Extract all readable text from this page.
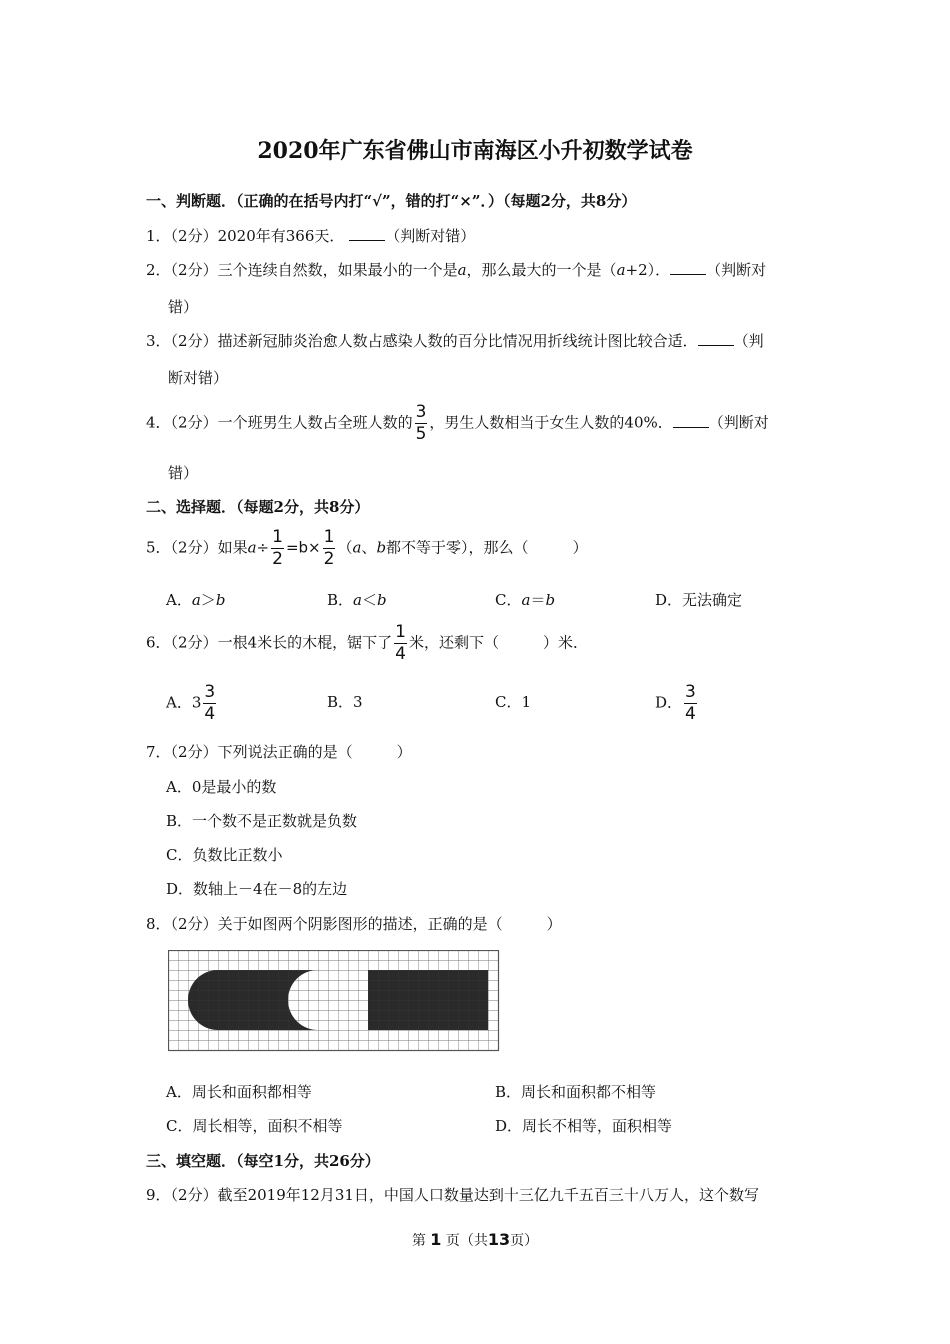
2020年广东省佛山市南海区小升初数学试卷
一、判断题．（正确的在括号内打“√”，错的打“×”．）（每题2分，共8分）
1．（2分）2020年有366天．	（判断对错）
2．（2分）三个连续自然数，如果最小的一个是a，那么最大的一个是（a+2）． （判断对
错）
3．（2分）描述新冠肺炎治愈人数占感染人数的百分比情况用折线统计图比较合适． （判
断对错）
4．（2分）一个班男生人数占全班人数的 $\frac{3}{5}$ ，男生人数相当于女生人数的40%． （判断对
错）
二、选择题．（每题2分，共8分）
5．（2分）如果$a\div \frac{1}{2} =b\times \frac{1}{2} (a$、b都不等于零），那么（	）
A．a＞b	B．a＜b	C．a＝b	D．无法确定
6．（2分）一根4米长的木棍，锯下了 $\frac{1}{4}$ 米，还剩下（	）米．
A．$3 \frac{3}{4}$	B．3	C．1	D． $\frac{3}{4}$
7．（2分）下列说法正确的是（	）
A．0是最小的数
B．一个数不是正数就是负数
C．负数比正数小
D．数轴上－4在－8的左边
8．（2分）关于如图两个阴影图形的描述，正确的是（	）
A．周长和面积都相等	B．周长和面积都不相等
C．周长相等，面积不相等	D．周长不相等，面积相等
三、填空题．（每空1分，共26分）
9．（2分）截至2019年12月31日，中国人口数量达到十三亿九千五百三十八万人，这个数写
第 1 页（共13页）
